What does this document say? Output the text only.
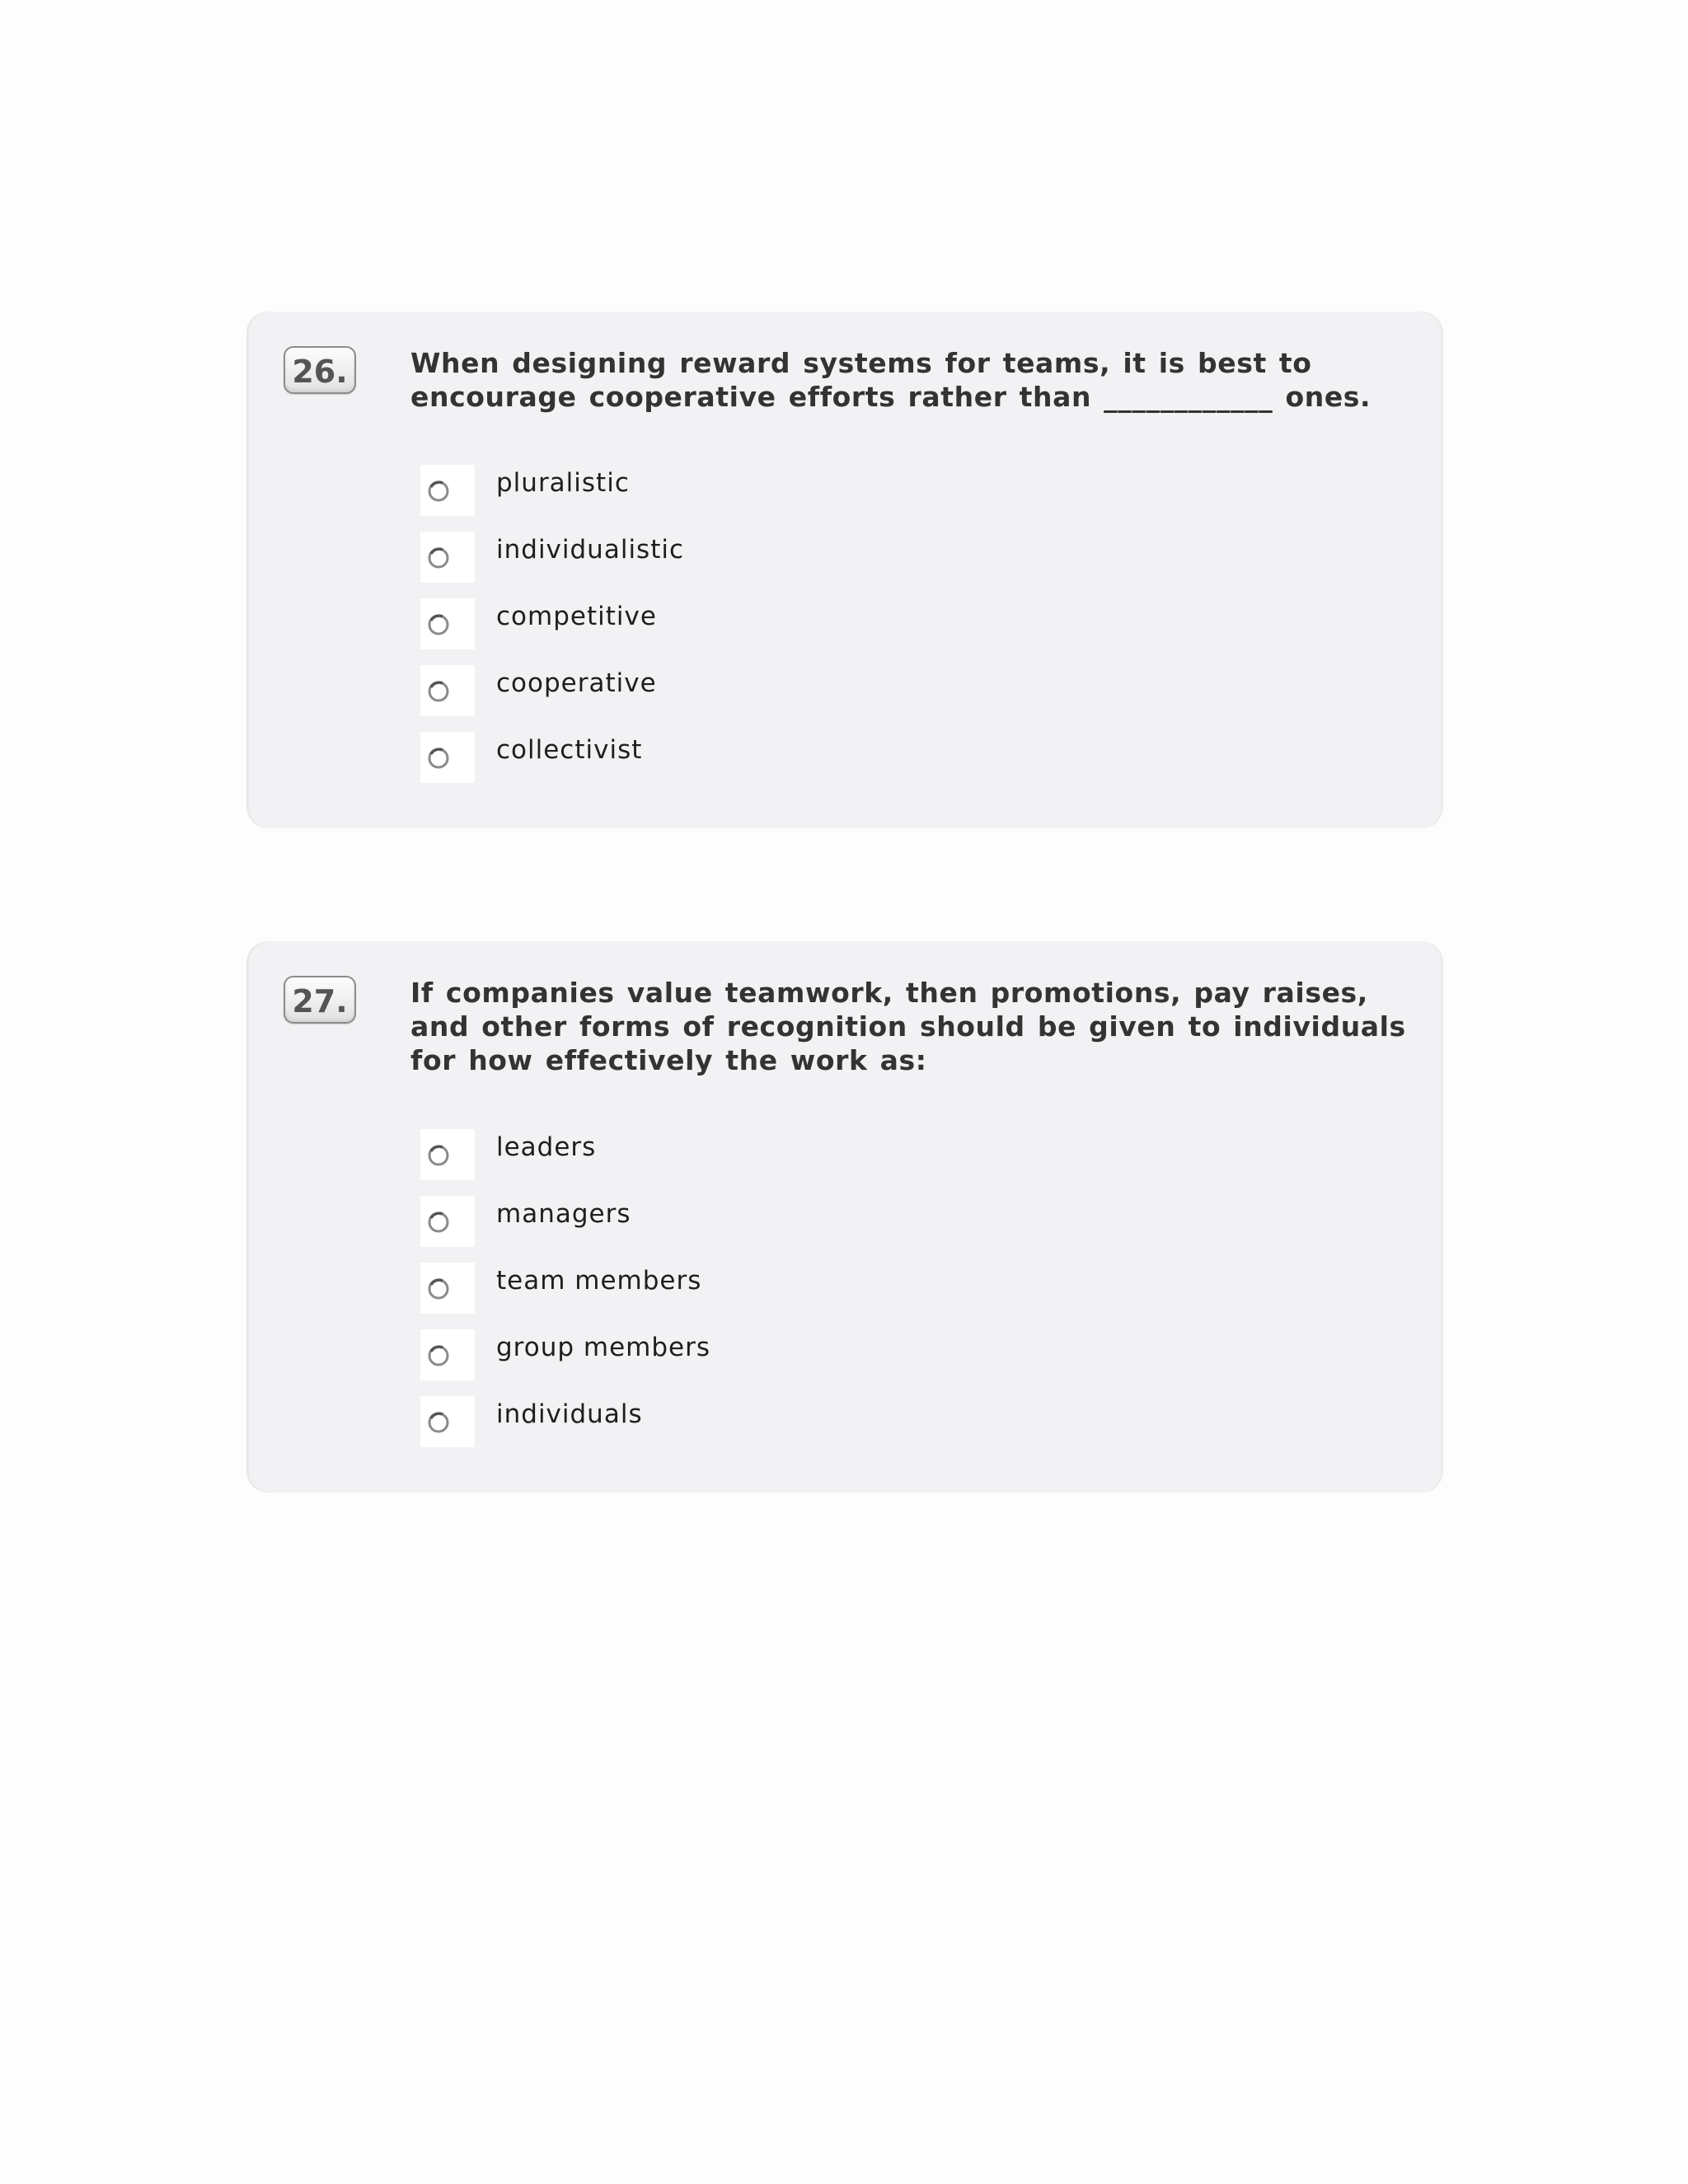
26.	When designing reward systems for teams, it is best to encourage cooperative efforts rather than ____________ ones.

pluralistic
individualistic
competitive
cooperative
collectivist
27.	If companies value teamwork, then promotions, pay raises, and other forms of recognition should be given to individuals for how effectively the work as:

leaders
managers
team members
group members
individuals
